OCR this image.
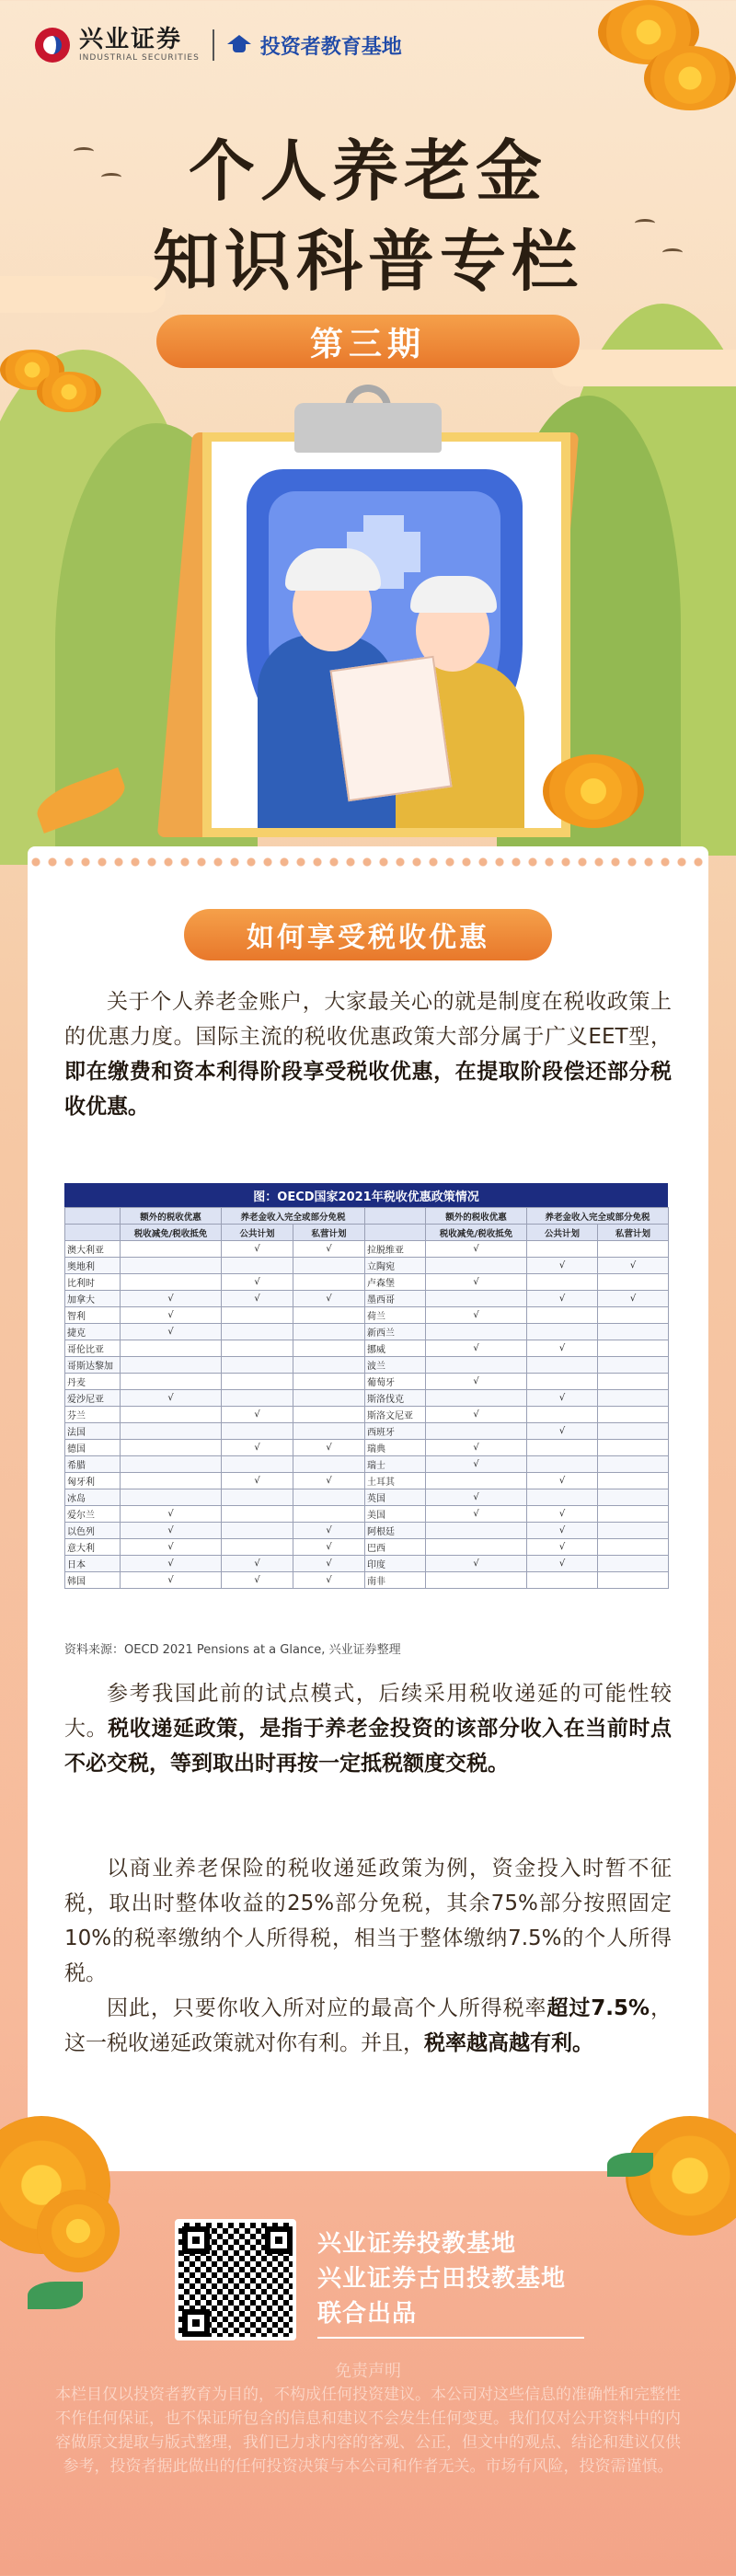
兴业证券
INDUSTRIAL SECURITIES	投资者教育基地
个人养老金
知识科普专栏
第三期
如何享受税收优惠
关于个人养老金账户，大家最关心的就是制度在税收政策上的优惠力度。国际主流的税收优惠政策大部分属于广义EET型，即在缴费和资本利得阶段享受税收优惠，在提取阶段偿还部分税收优惠。
图：OECD国家2021年税收优惠政策情况
	额外的税收优惠	养老金收入完全或部分免税			额外的税收优惠	养老金收入完全或部分免税	
	税收减免/税收抵免	公共计划	私营计划		税收减免/税收抵免	公共计划	私营计划
澳大利亚		√	√	拉脱维亚	√		
奥地利				立陶宛		√	√
比利时		√		卢森堡	√		
加拿大	√	√	√	墨西哥		√	√
智利	√			荷兰	√		
捷克	√			新西兰			
哥伦比亚				挪威	√	√	
哥斯达黎加				波兰			
丹麦				葡萄牙	√		
爱沙尼亚	√			斯洛伐克		√	
芬兰		√		斯洛文尼亚	√		
法国				西班牙		√	
德国		√	√	瑞典	√		
希腊				瑞士	√		
匈牙利		√	√	土耳其		√	
冰岛				英国	√		
爱尔兰	√			美国	√	√	
以色列	√		√	阿根廷		√	
意大利	√		√	巴西		√	
日本	√	√	√	印度	√	√	
韩国	√	√	√	南非			
资料来源：OECD 2021 Pensions at a Glance, 兴业证券整理
参考我国此前的试点模式，后续采用税收递延的可能性较大。税收递延政策，是指于养老金投资的该部分收入在当前时点不必交税，等到取出时再按一定抵税额度交税。
以商业养老保险的税收递延政策为例，资金投入时暂不征税，取出时整体收益的25%部分免税，其余75%部分按照固定10%的税率缴纳个人所得税，相当于整体缴纳7.5%的个人所得税。
因此，只要你收入所对应的最高个人所得税率超过7.5%，这一税收递延政策就对你有利。并且，税率越高越有利。
兴业证券投教基地
兴业证券古田投教基地
联合出品
免责声明
本栏目仅以投资者教育为目的，不构成任何投资建议。本公司对这些信息的准确性和完整性不作任何保证，也不保证所包含的信息和建议不会发生任何变更。我们仅对公开资料中的内容做原文提取与版式整理，我们已力求内容的客观、公正，但文中的观点、结论和建议仅供参考，投资者据此做出的任何投资决策与本公司和作者无关。市场有风险，投资需谨慎。
